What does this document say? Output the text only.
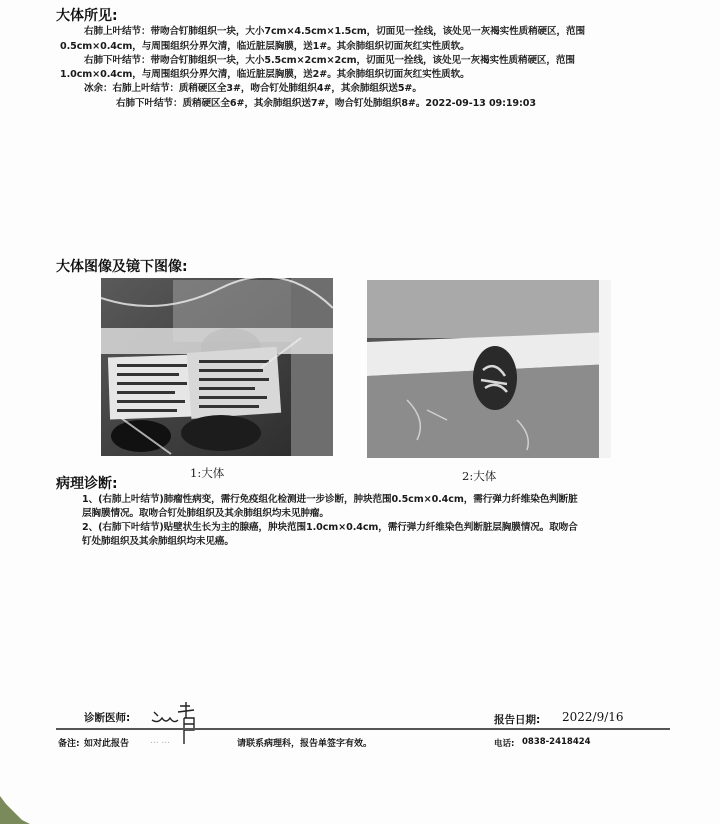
大体所见:
右肺上叶结节：带吻合钉肺组织一块，大小7cm×4.5cm×1.5cm，切面见一拴线，该处见一灰褐实性质稍硬区，范围
0.5cm×0.4cm，与周围组织分界欠清，临近脏层胸膜，送1#。其余肺组织切面灰红实性质软。
右肺下叶结节：带吻合钉肺组织一块，大小5.5cm×2cm×2cm，切面见一拴线，该处见一灰褐实性质稍硬区，范围
1.0cm×0.4cm，与周围组织分界欠清，临近脏层胸膜，送2#。其余肺组织切面灰红实性质软。
冰余：右肺上叶结节：质稍硬区全3#，吻合钉处肺组织4#，其余肺组织送5#。
右肺下叶结节：质稍硬区全6#，其余肺组织送7#，吻合钉处肺组织8#。2022-09-13 09:19:03
大体图像及镜下图像:
1:大体	2:大体
病理诊断:
1、(右肺上叶结节)肺瘤性病变，需行免疫组化检测进一步诊断，肿块范围0.5cm×0.4cm，需行弹力纤维染色判断脏
层胸膜情况。取吻合钉处肺组织及其余肺组织均未见肿瘤。
2、(右肺下叶结节)贴壁状生长为主的腺癌，肿块范围1.0cm×0.4cm，需行弹力纤维染色判断脏层胸膜情况。取吻合
钉处肺组织及其余肺组织均未见癌。
诊断医师:	报告日期: 2022/9/16
备注: 如对此报告 ... ...	请联系病理科，报告单签字有效。	电话: 0838-2418424
